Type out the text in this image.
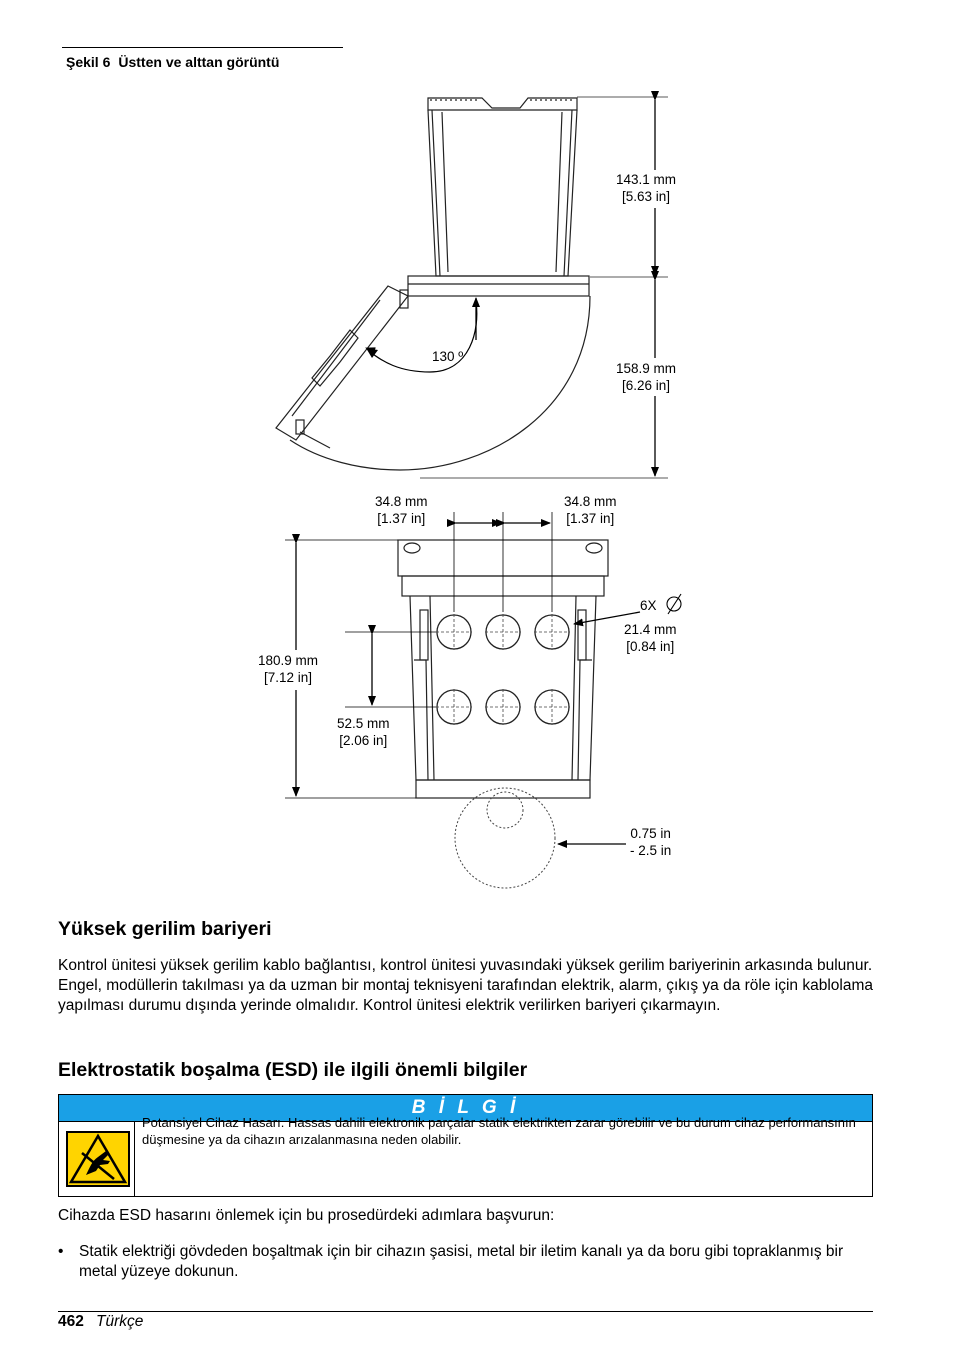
Şekil 6 Üstten ve alttan görüntü
143.1 mm
[5.63 in]
130 º
158.9 mm
[6.26 in]
34.8 mm
[1.37 in]
34.8 mm
[1.37 in]
6X
21.4 mm
[0.84 in]
180.9 mm
[7.12 in]
52.5 mm
[2.06 in]
0.75 in
- 2.5 in
Yüksek gerilim bariyeri
Kontrol ünitesi yüksek gerilim kablo bağlantısı, kontrol ünitesi yuvasındaki yüksek gerilim bariyerinin arkasında bulunur. Engel, modüllerin takılması ya da uzman bir montaj teknisyeni tarafından elektrik, alarm, çıkış ya da röle için kablolama yapılması durumu dışında yerinde olmalıdır. Kontrol ünitesi elektrik verilirken bariyeri çıkarmayın.
Elektrostatik boşalma (ESD) ile ilgili önemli bilgiler
B İ L G İ
Potansiyel Cihaz Hasarı. Hassas dahili elektronik parçalar statik elektrikten zarar görebilir ve bu durum cihaz performansının düşmesine ya da cihazın arızalanmasına neden olabilir.
Cihazda ESD hasarını önlemek için bu prosedürdeki adımlara başvurun:
• Statik elektriği gövdeden boşaltmak için bir cihazın şasisi, metal bir iletim kanalı ya da boru gibi topraklanmış bir metal yüzeye dokunun.
462 Türkçe
